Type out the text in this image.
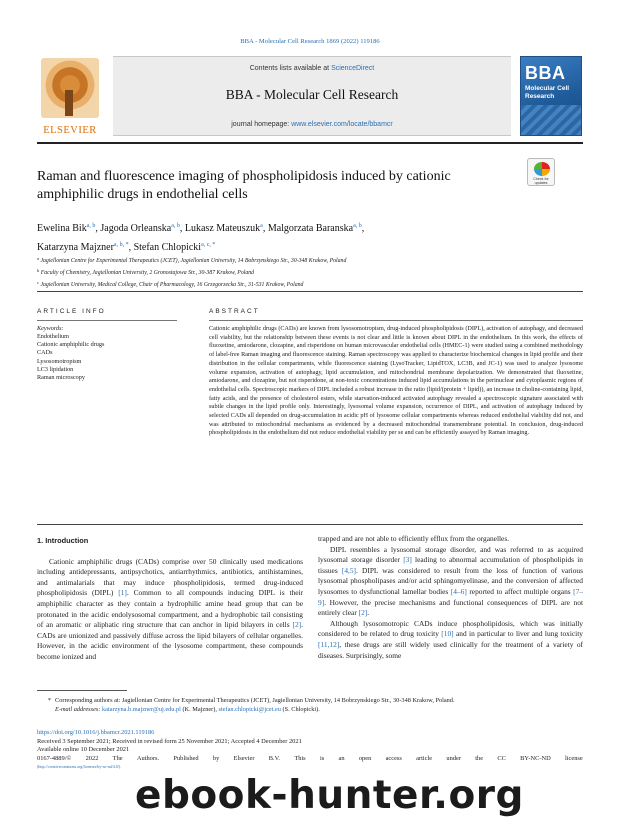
BBA - Molecular Cell Research 1869 (2022) 119186
ELSEVIER
Contents lists available at ScienceDirect
BBA - Molecular Cell Research
journal homepage: www.elsevier.com/locate/bbamcr
BBA
Molecular Cell Research
Raman and fluorescence imaging of phospholipidosis induced by cationic amphiphilic drugs in endothelial cells
Check for updates
Ewelina Bik$^{a, b}$, Jagoda Orleanska$^{a, b}$, Lukasz Mateuszuk$^a$, Malgorzata Baranska$^{a, b}$,
Katarzyna Majzner$^{a, b, *}$, Stefan Chlopicki$^{a, c, *}$
$^a$ Jagiellonian Centre for Experimental Therapeutics (JCET), Jagiellonian University, 14 Bobrzynskiego Str., 30-348 Krakow, Poland
$^b$ Faculty of Chemistry, Jagiellonian University, 2 Gronostajowa Str., 30-387 Krakow, Poland
$^c$ Jagiellonian University, Medical College, Chair of Pharmacology, 16 Grzegorzecka Str., 31-531 Krakow, Poland
ARTICLE INFO
Keywords:
Endothelium
Cationic amphiphilic drugs
CADs
Lysosomotropism
LC3 lipidation
Raman microscopy
ABSTRACT
Cationic amphiphilic drugs (CADs) are known from lysosomotropism, drug-induced phospholipidosis (DIPL), activation of autophagy, and decreased cell viability, but the relationship between these events is not clear and little is known about DIPL in the endothelium. In this work, the effects of fluoxetine, amiodarone, clozapine, and risperidone on human microvascular endothelial cells (HMEC-1) were studied using a combined methodology of label-free Raman imaging and fluorescence staining. Raman spectroscopy was applied to characterize biochemical changes in lipid profile and their distribution in the cellular compartments, while fluorescence staining (LysoTracker, LipidTOX, LC3B, and JC-1) was used to analyze lysosome volume expansion, activation of autophagy, lipid accumulation, and mitochondrial membrane depolarization. We demonstrated that fluoxetine, amiodarone, and clozapine, but not risperidone, at non-toxic concentrations induced lipid accumulations in the perinuclear and cytoplasmic regions of endothelial cells. Spectroscopic markers of DIPL included a robust increase in the ratio (lipid/(protein + lipid)), an increase in choline-containing lipid, fatty acids, and the presence of cholesterol esters, while starvation-induced activated autophagy revealed a spectroscopic signature associated with subtle changes in the lipid profile only. Interestingly, lysosomal volume expansion, occurrence of DIPL, and activation of autophagy induced by selected CADs all depended on drug-accumulation in acidic pH of lysosome cellular compartments whereas reduced endothelial viability did not, and was attributed to mitochondrial mechanisms as evidenced by a decreased mitochondrial transmembrane potential. In conclusion, drug-induced phospholipidosis in the endothelium did not reduce endothelial viability per se and can be efficiently assayed by Raman imaging.
1. Introduction

Cationic amphiphilic drugs (CADs) comprise over 50 clinically used medications including antidepressants, antipsychotics, antiarrhythmics, antibiotics, antihistamines, and antimalarials that may induce phospholipidosis, termed drug-induced phospholipidosis (DIPL) [1]. Common to all compounds inducing DIPL is their amphiphilic character as they contain a hydrophilic amine head group that can be protonated in the acidic endolysosomal compartment, and a hydrophobic tail consisting of an aromatic or aliphatic ring structure that can anchor in lipid bilayers in cells [2]. CADs are unionized and passively diffuse across the lipid bilayers of cellular organelles. However, in the acidic environment of the lysosome compartment, these compounds become ionized and

trapped and are not able to efficiently efflux from the organelles.

DIPL resembles a lysosomal storage disorder, and was referred to as acquired lysosomal storage disorder [3] leading to abnormal accumulation of phospholipids in tissues [4,5]. DIPL was considered to result from the loss of function of various lysosomal phospholipases and/or acid sphingomyelinase, and the conversion of affected lysosomes to dysfunctional lamellar bodies [4–6] reported to affect multiple organs [7–9]. However, the precise mechanisms and functional consequences of DIPL are not entirely clear [2].

Although lysosomotropic CADs induce phospholipidosis, which was initially considered to be related to drug toxicity [10] and in particular to liver and lung toxicity [11,12], these drugs are still widely used clinically for the treatment of a variety of diseases. Surprisingly, some

* Corresponding authors at: Jagiellonian Centre for Experimental Therapeutics (JCET), Jagiellonian University, 14 Bobrzynskiego Str., 30-348 Krakow, Poland.
E-mail addresses: katarzyna.b.majzner@uj.edu.pl (K. Majzner), stefan.chlopicki@jcet.eu (S. Chlopicki).
https://doi.org/10.1016/j.bbamcr.2021.119186
Received 3 September 2021; Received in revised form 25 November 2021; Accepted 4 December 2021
Available online 10 December 2021
0167-4889/© 2022 The Authors. Published by Elsevier B.V. This is an open access article under the CC BY-NC-ND license
(http://creativecommons.org/licenses/by-nc-nd/4.0/).
ebook-hunter.org
